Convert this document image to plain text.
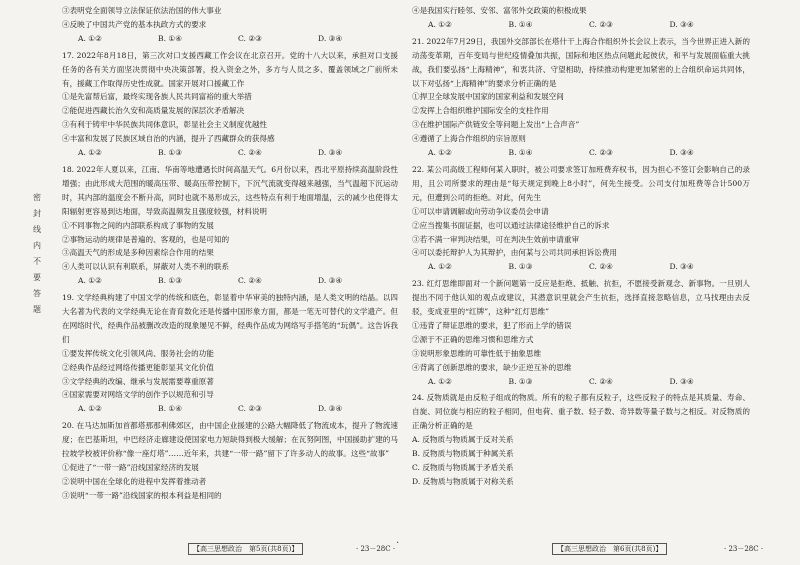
密
封
线
内
不
要
答
题

③表明党全面领导立法保证依法治国的伟大事业

④反映了中国共产党的基本执政方式的要求

A. ①②	B. ①④	C. ②③	D. ③④

17. 2022年8月18日，第三次对口支援西藏工作会议在北京召开。党的十八大以来，承担对口支援任务的各有关方面坚决贯彻中央决策部署，投入资金之外，多方与人员之多、覆盖领域之广前所未有，援藏工作取得历史性成就。国家开展对口援藏工作

①是先富帮后富，最终实现各族人民共同富裕的重大举措

②能促进西藏长治久安和高质量发展的深层次矛盾解决

③有利于铸牢中华民族共同体意识，彰显社会主义制度优越性

④丰富和发展了民族区域自治的内涵，提升了西藏群众的获得感

A. ①②	B. ①③	C. ②④	D. ③④

18. 2022年人夏以来，江南、华南等地遭遇长时间高温天气。6月份以来，西北平原持续高温阶段性增强；由此形成大范围的暖高压带、暖高压带控制下，下沉气流就变得越来越强，当气温超下沉运动时，其内部的温度会不断升高，同时也就不易形成云，这些特点有利于地面增温，云的减少也使得太阳辐射更容易到达地面，导致高温频发且强度较强，材料说明

①不同事物之间的内部联系构成了事物的发展

②事物运动的规律是普遍的、客观的，也是可知的

③高温天气的形成是多种因素综合作用的结果

④人类可以认识有利联系，屏蔽对人类不利的联系

A. ①②	B. ①③	C. ②④	D. ③④

19. 文学经典构建了中国文学的传统和底色，彰显着中华审美的独特内涵，是人类文明的结晶。以四大名著为代表的文学经典无论在青育数化还是传播中国形象方面，都是一笔无可替代的文学遗产。但在网络时代，经典作品被删改改造的现象屡见不鲜，经典作品成为网络写手搭笔的“玩偶”。这告诉我们

①要发挥传统文化引领风尚、服务社会的功能

②经典作品经过网络传播更能彰显其文化价值

③文学经典的改编、继承与发展需要尊重原著

④国家需要对网络文学的创作予以规范和引导

A. ①②	B. ①④	C. ②③	D. ③④

20. 在马达加斯加首都塔那那利佛郊区，由中国企业援建的公路大幅降低了物流成本，提升了物流速度；在巴基斯坦，中巴经济走廊建设使国家电力短缺得到极大缓解；在瓦努阿图，中国援助扩建的马拉坡学校被评价称“像一座灯塔”……近年来，共建“一带一路”留下了许多动人的故事。这些“故事”

①促进了“一带一路”沿线国家经济的发展

②说明中国在全球化的进程中发挥着推动者

③说明“一带一路”沿线国家的根本利益是相同的

④是我国实行睦邻、安邻、富邻外交政策的积极成果

A. ①②	B. ①④	C. ②③	D. ③④

21. 2022年7月29日，我国外交部部长在塔什干上海合作组织外长会议上表示，当今世界正进入新的动荡变革期，百年变局与世纪疫情叠加共振，国际和地区热点问题此起彼伏，和平与发展面临重大挑战，我们要弘扬“上海精神”，和衷共济、守望相助，持续推动构建更加紧密的上合组织命运共同体，以下对弘扬“上海精神”的要求分析正确的是

①捍卫全球发展中国家的国家利益和发展空间

②发挥上合组织维护国际安全的支柱作用

③在维护国际产供链安全等问题上发出“上合声音”

④遵循了上海合作组织的宗旨原则

A. ①②	B. ①④	C. ②③	D. ③④

22. 某公司高级工程师何某入职时，被公司要求签订加班费弃权书，因为担心不签订会影响自己的录用，且公司所要求的理由是“每天规定到晚上8小时”，何先生接受。公司支付加班费等合计500万元，但遭到公司的拒绝。对此，何先生

①可以申请调解或向劳动争议委员会申请

②应当搜集书面证据，也可以通过法律途径维护自己的诉求

③若不满一审判决结果，可在判决生效前申请重审

④可以委托辩护人为其辩护，由何某与公司共同承担诉讼费用

A. ①②	B. ①③	C. ②④	D. ③④

23. 红灯思维即面对一个新问题第一反应是拒绝、抵触、抗拒，不愿接受新观念、新事物。一旦别人提出不同于他认知的观点或建议，其潜意识里就会产生抗拒，选择直接忽略信息，立马找理由去反驳，变成亚里的“红牌”，这种“红灯思维”

①违背了辩证思维的要求，犯了形而上学的错误

②源于不正确的思维习惯和思维方式

③说明形象思维的可靠性低于抽象思维

④背离了创新思维的要求，缺少正逆互补的思维

A. ①②	B. ①③	C. ②④	D. ③④

24. 反物质就是由反粒子组成的物质。所有的粒子都有反粒子，这些反粒子的特点是其质量、寿命、自旋、同位旋与相应的粒子相同，但电荷、重子数、轻子数、奇异数等量子数与之相反。对反物质的正确分析正确的是

A. 反物质与物质属于反对关系

B. 反物质与物质属于种属关系

C. 反物质与物质属于矛盾关系

D. 反物质与物质属于对称关系

·
【高三思想政治　第5页(共8页)】	· 23－28C ·	【高三思想政治　第6页(共8页)】	· 23－28C ·
